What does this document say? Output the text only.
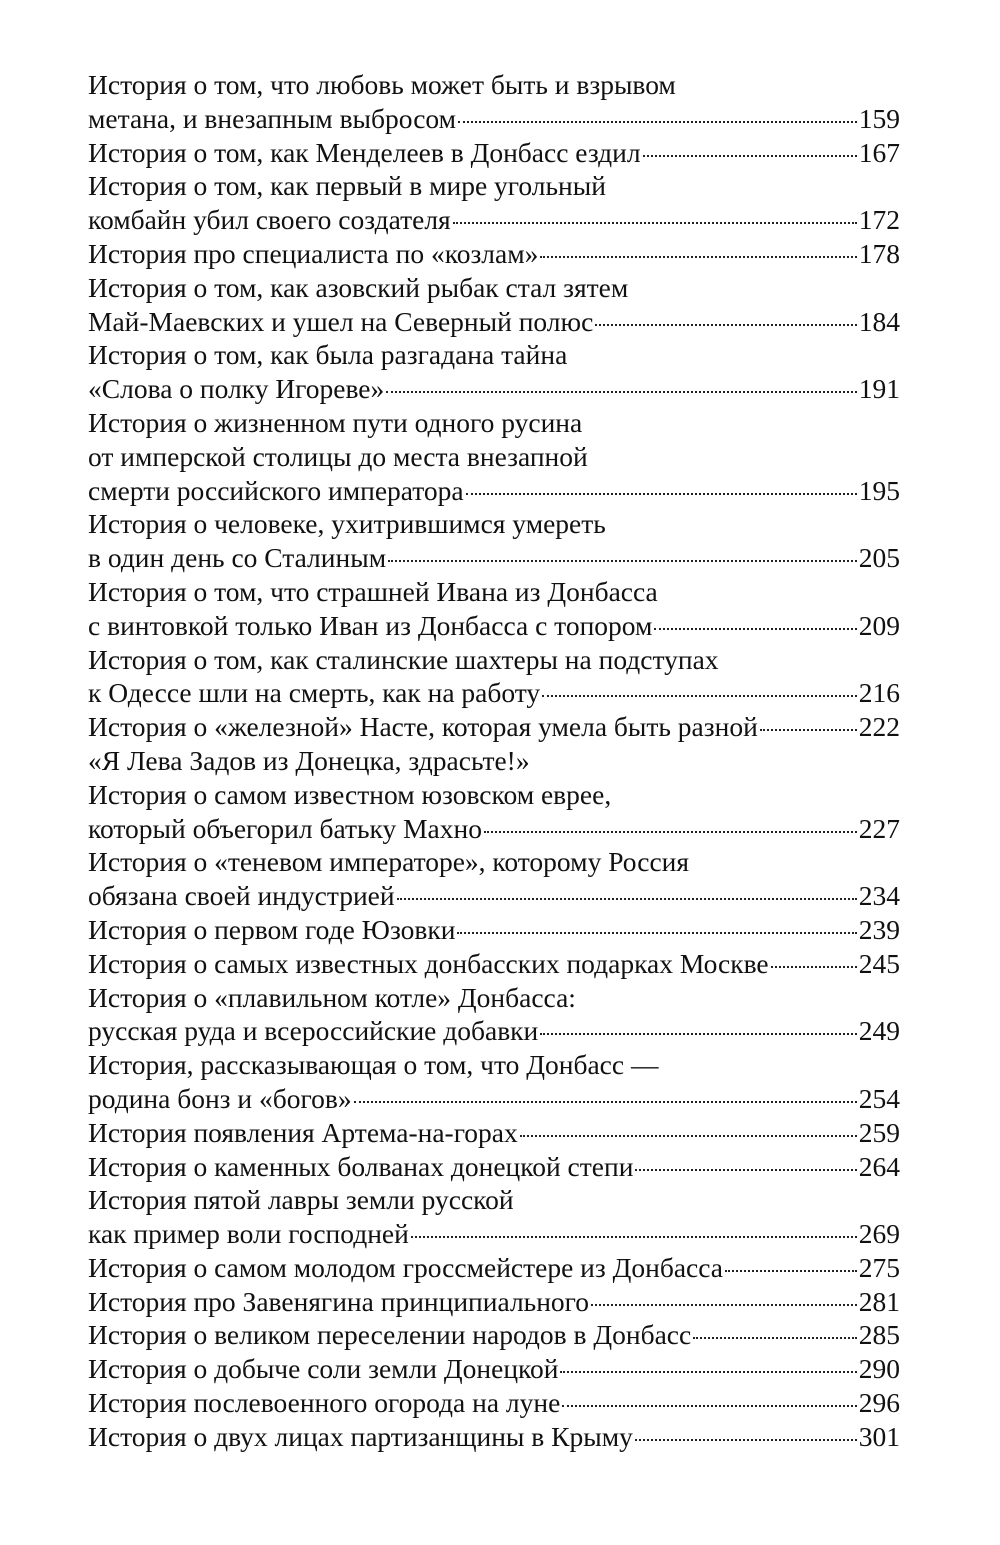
История о том, что любовь может быть и взрывом
метана, и внезапным выбросом	159
История о том, как Менделеев в Донбасс ездил	167
История о том, как первый в мире угольный
комбайн убил своего создателя	172
История про специалиста по «козлам»	178
История о том, как азовский рыбак стал зятем
Май-Маевских и ушел на Северный полюс	184
История о том, как была разгадана тайна
«Слова о полку Игореве»	191
История о жизненном пути одного русина
от имперской столицы до места внезапной
смерти российского императора	195
История о человеке, ухитрившимся умереть
в один день со Сталиным	205
История о том, что страшней Ивана из Донбасса
с винтовкой только Иван из Донбасса с топором	209
История о том, как сталинские шахтеры на подступах
к Одессе шли на смерть, как на работу	216
История о «железной» Насте, которая умела быть разной	222
«Я Лева Задов из Донецка, здрасьте!»
История о самом известном юзовском еврее,
который объегорил батьку Махно	227
История о «теневом императоре», которому Россия
обязана своей индустрией	234
История о первом годе Юзовки	239
История о самых известных донбасских подарках Москве	245
История о «плавильном котле» Донбасса:
русская руда и всероссийские добавки	249
История, рассказывающая о том, что Донбасс —
родина бонз и «богов»	254
История появления Артема-на-горах	259
История о каменных болванах донецкой степи	264
История пятой лавры земли русской
как пример воли господней	269
История о самом молодом гроссмейстере из Донбасса	275
История про Завенягина принципиального	281
История о великом переселении народов в Донбасс	285
История о добыче соли земли Донецкой	290
История послевоенного огорода на луне	296
История о двух лицах партизанщины в Крыму	301
